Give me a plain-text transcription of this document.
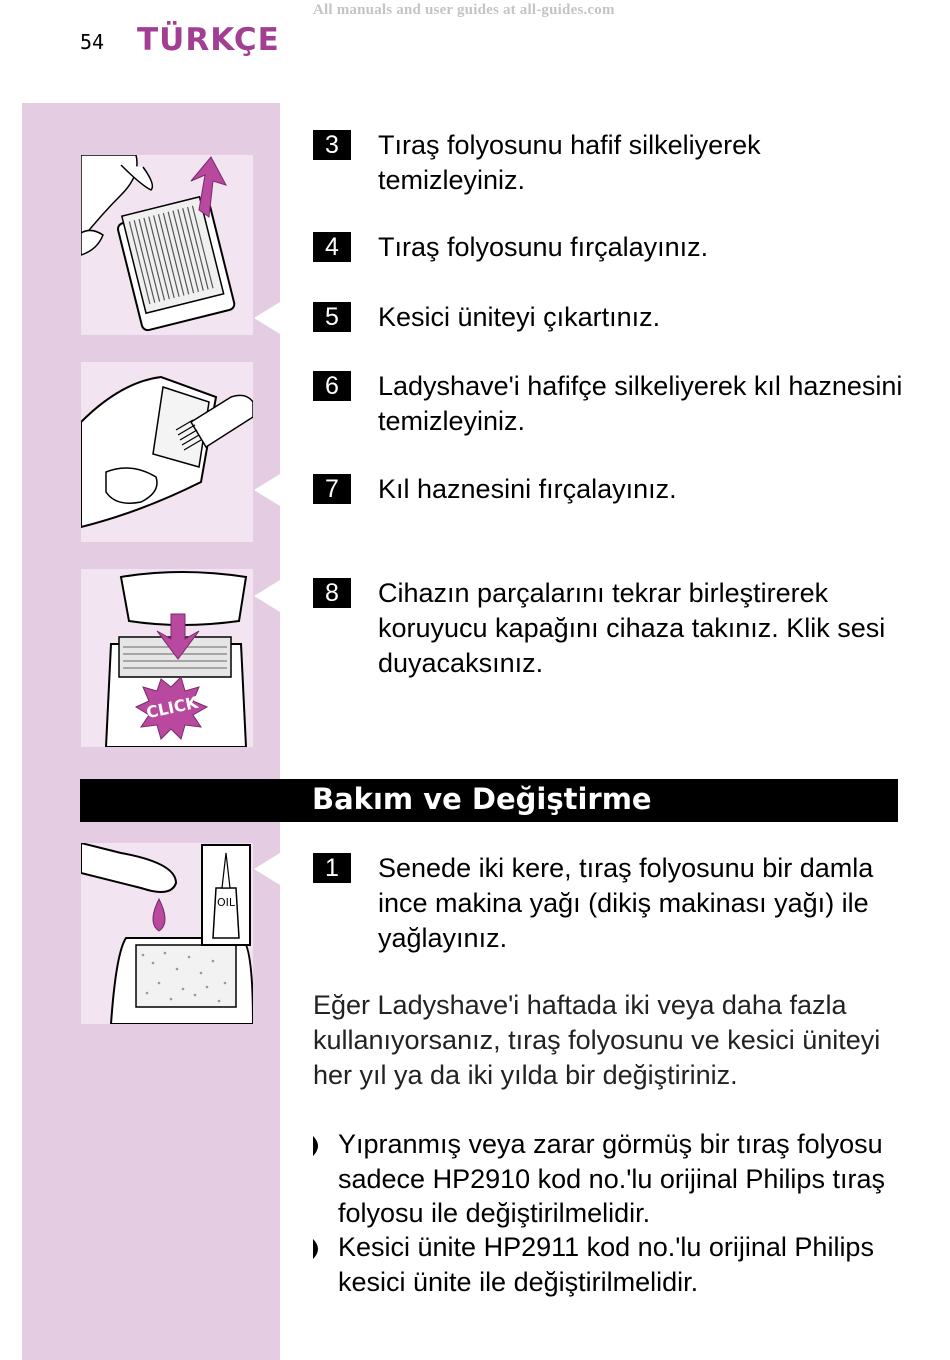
All manuals and user guides at all-guides.com
54 TÜRKÇE
CLICK
OIL
3	Tıraş folyosunu hafif silkeliyerek temizleyiniz.
4	Tıraş folyosunu fırçalayınız.
5	Kesici üniteyi çıkartınız.
6	Ladyshave'i hafifçe silkeliyerek kıl haznesini temizleyiniz.
7	Kıl haznesini fırçalayınız.
8	Cihazın parçalarını tekrar birleştirerek koruyucu kapağını cihaza takınız. Klik sesi duyacaksınız.
Bakım ve Değiştirme
1	Senede iki kere, tıraş folyosunu bir damla ince makina yağı (dikiş makinası yağı) ile yağlayınız.
Eğer Ladyshave'i haftada iki veya daha fazla kullanıyorsanız, tıraş folyosunu ve kesici üniteyi her yıl ya da iki yılda bir değiştiriniz.
Yıpranmış veya zarar görmüş bir tıraş folyosu sadece HP2910 kod no.'lu orijinal Philips tıraş folyosu ile değiştirilmelidir.
Kesici ünite HP2911 kod no.'lu orijinal Philips kesici ünite ile değiştirilmelidir.
